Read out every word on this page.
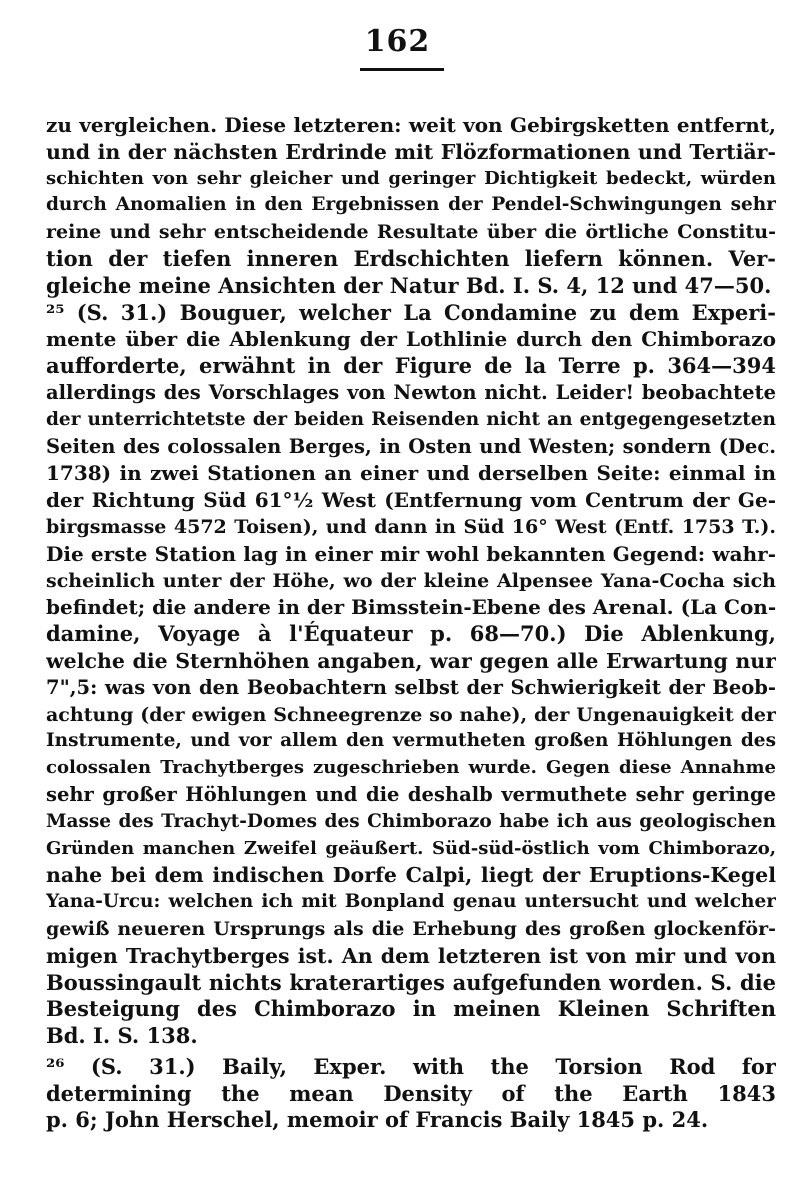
162
zu vergleichen. Diese letzteren: weit von Gebirgsketten entfernt,
und in der nächsten Erdrinde mit Flözformationen und Tertiär-
schichten von sehr gleicher und geringer Dichtigkeit bedeckt, würden
durch Anomalien in den Ergebnissen der Pendel-Schwingungen sehr
reine und sehr entscheidende Resultate über die örtliche Constitu-
tion der tiefen inneren Erdschichten liefern können. Ver-
gleiche meine Ansichten der Natur Bd. I. S. 4, 12 und 47—50.
²⁵ (S. 31.) Bouguer, welcher La Condamine zu dem Experi-
mente über die Ablenkung der Lothlinie durch den Chimborazo
aufforderte, erwähnt in der Figure de la Terre p. 364—394
allerdings des Vorschlages von Newton nicht. Leider! beobachtete
der unterrichtetste der beiden Reisenden nicht an entgegengesetzten
Seiten des colossalen Berges, in Osten und Westen; sondern (Dec.
1738) in zwei Stationen an einer und derselben Seite: einmal in
der Richtung Süd 61°½ West (Entfernung vom Centrum der Ge-
birgsmasse 4572 Toisen), und dann in Süd 16° West (Entf. 1753 T.).
Die erste Station lag in einer mir wohl bekannten Gegend: wahr-
scheinlich unter der Höhe, wo der kleine Alpensee Yana-Cocha sich
befindet; die andere in der Bimsstein-Ebene des Arenal. (La Con-
damine, Voyage à l'Équateur p. 68—70.) Die Ablenkung,
welche die Sternhöhen angaben, war gegen alle Erwartung nur
7",5: was von den Beobachtern selbst der Schwierigkeit der Beob-
achtung (der ewigen Schneegrenze so nahe), der Ungenauigkeit der
Instrumente, und vor allem den vermutheten großen Höhlungen des
colossalen Trachytberges zugeschrieben wurde. Gegen diese Annahme
sehr großer Höhlungen und die deshalb vermuthete sehr geringe
Masse des Trachyt-Domes des Chimborazo habe ich aus geologischen
Gründen manchen Zweifel geäußert. Süd-süd-östlich vom Chimborazo,
nahe bei dem indischen Dorfe Calpi, liegt der Eruptions-Kegel
Yana-Urcu: welchen ich mit Bonpland genau untersucht und welcher
gewiß neueren Ursprungs als die Erhebung des großen glockenför-
migen Trachytberges ist. An dem letzteren ist von mir und von
Boussingault nichts kraterartiges aufgefunden worden. S. die
Besteigung des Chimborazo in meinen Kleinen Schriften
Bd. I. S. 138.
²⁶ (S. 31.) Baily, Exper. with the Torsion Rod for
determining the mean Density of the Earth 1843
p. 6; John Herschel, memoir of Francis Baily 1845 p. 24.
